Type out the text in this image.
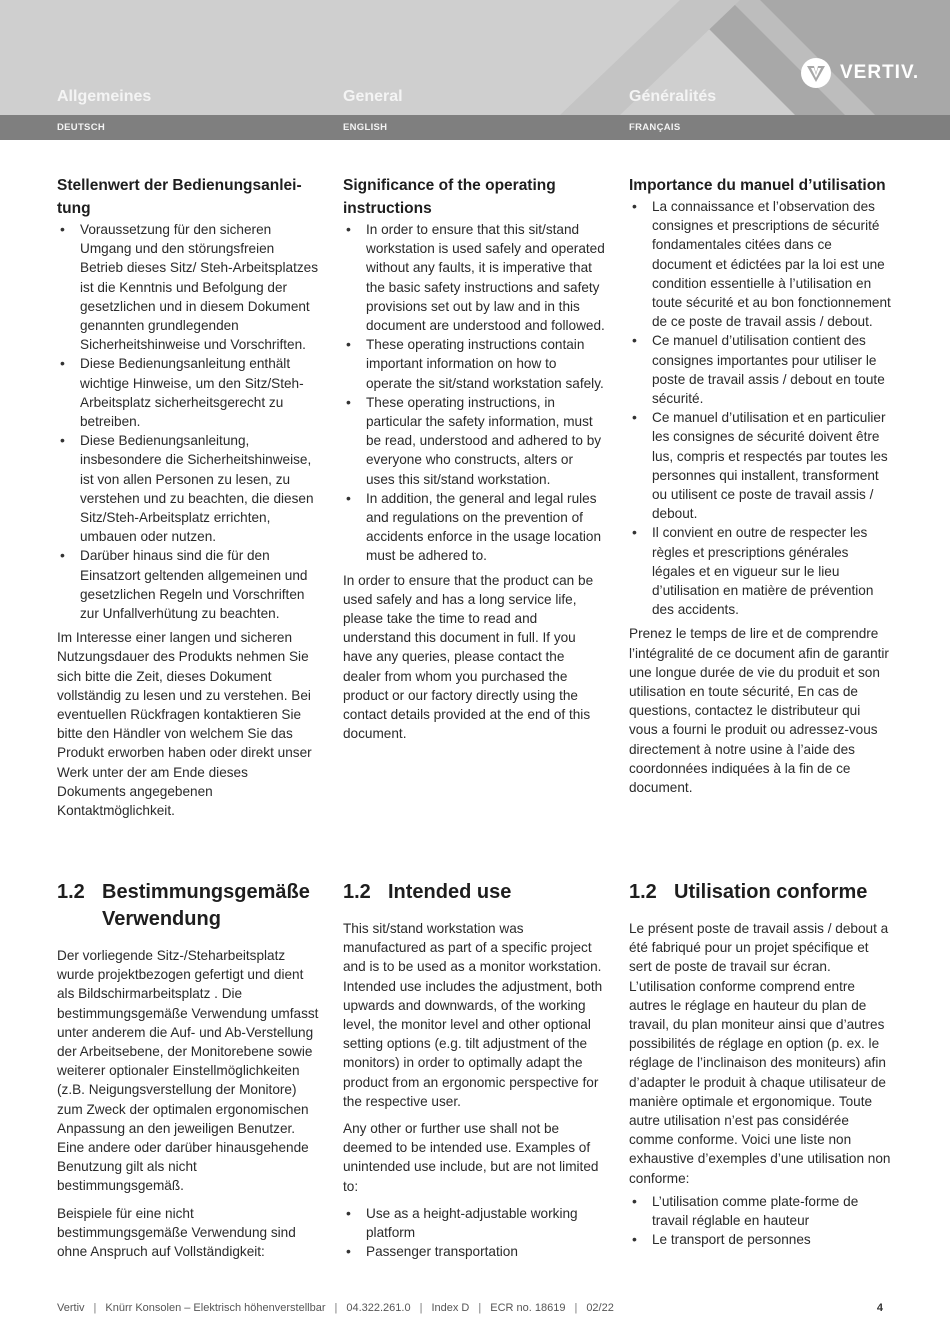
Allgemeines	General	Généralités
DEUTSCH	ENGLISH	FRANÇAIS
VERTIV.
Stellenwert der Bedienungsanlei-tung
• Voraussetzung für den sicheren Umgang und den störungsfreien Betrieb dieses Sitz/ Steh-Arbeitsplatzes ist die Kenntnis und Befolgung der gesetzlichen und in diesem Dokument genannten grundlegenden Sicherheitshinweise und Vorschriften.
• Diese Bedienungsanleitung enthält wichtige Hinweise, um den Sitz/Steh-Arbeitsplatz sicherheitsgerecht zu betreiben.
• Diese Bedienungsanleitung, insbesondere die Sicherheitshinweise, ist von allen Personen zu lesen, zu verstehen und zu beachten, die diesen Sitz/Steh-Arbeitsplatz errichten, umbauen oder nutzen.
• Darüber hinaus sind die für den Einsatzort geltenden allgemeinen und gesetzlichen Regeln und Vorschriften zur Unfallverhütung zu beachten.

Im Interesse einer langen und sicheren Nutzungsdauer des Produkts nehmen Sie sich bitte die Zeit, dieses Dokument vollständig zu lesen und zu verstehen. Bei eventuellen Rückfragen kontaktieren Sie bitte den Händler von welchem Sie das Produkt erworben haben oder direkt unser Werk unter der am Ende dieses Dokuments angegebenen Kontaktmöglichkeit.

Significance of the operating instructions
• In order to ensure that this sit/stand workstation is used safely and operated without any faults, it is imperative that the basic safety instructions and safety provisions set out by law and in this document are understood and followed.
• These operating instructions contain important information on how to operate the sit/stand workstation safely.
• These operating instructions, in particular the safety information, must be read, understood and adhered to by everyone who constructs, alters or uses this sit/stand workstation.
• In addition, the general and legal rules and regulations on the prevention of accidents enforce in the usage location must be adhered to.

In order to ensure that the product can be used safely and has a long service life, please take the time to read and understand this document in full. If you have any queries, please contact the dealer from whom you purchased the product or our factory directly using the contact details provided at the end of this document.

Importance du manuel d’utilisation
• La connaissance et l’observation des consignes et prescriptions de sécurité fondamentales citées dans ce document et édictées par la loi est une condition essentielle à l’utilisation en toute sécurité et au bon fonctionnement de ce poste de travail assis / debout.
• Ce manuel d’utilisation contient des consignes importantes pour utiliser le poste de travail assis / debout en toute sécurité.
• Ce manuel d’utilisation et en particulier les consignes de sécurité doivent être lus, compris et respectés par toutes les personnes qui installent, transforment ou utilisent ce poste de travail assis / debout.
• Il convient en outre de respecter les règles et prescriptions générales légales et en vigueur sur le lieu d’utilisation en matière de prévention des accidents.

Prenez le temps de lire et de comprendre l’intégralité de ce document afin de garantir une longue durée de vie du produit et son utilisation en toute sécurité, En cas de questions, contactez le distributeur qui vous a fourni le produit ou adressez-vous directement à notre usine à l’aide des coordonnées indiquées à la fin de ce document.

1.2 Bestimmungsgemäße Verwendung

Der vorliegende Sitz-/Steharbeitsplatz wurde projektbezogen gefertigt und dient als Bildschirmarbeitsplatz . Die bestimmungsgemäße Verwendung umfasst unter anderem die Auf- und Ab-Verstellung der Arbeitsebene, der Monitorebene sowie weiterer optionaler Einstellmöglichkeiten (z.B. Neigungsverstellung der Monitore) zum Zweck der optimalen ergonomischen Anpassung an den jeweiligen Benutzer. Eine andere oder darüber hinausgehende Benutzung gilt als nicht bestimmungsgemäß.

Beispiele für eine nicht bestimmungsgemäße Verwendung sind ohne Anspruch auf Vollständigkeit:

1.2 Intended use

This sit/stand workstation was manufactured as part of a specific project and is to be used as a monitor workstation. Intended use includes the adjustment, both upwards and downwards, of the working level, the monitor level and other optional setting options (e.g. tilt adjustment of the monitors) in order to optimally adapt the product from an ergonomic perspective for the respective user.

Any other or further use shall not be deemed to be intended use. Examples of unintended use include, but are not limited to:

• Use as a height-adjustable working platform
• Passenger transportation
1.2 Utilisation conforme

Le présent poste de travail assis / debout a été fabriqué pour un projet spécifique et sert de poste de travail sur écran. L’utilisation conforme comprend entre autres le réglage en hauteur du plan de travail, du plan moniteur ainsi que d’autres possibilités de réglage en option (p. ex. le réglage de l’inclinaison des moniteurs) afin d’adapter le produit à chaque utilisateur de manière optimale et ergonomique. Toute autre utilisation n’est pas considérée comme conforme. Voici une liste non exhaustive d’exemples d’une utilisation non conforme:

• L’utilisation comme plate-forme de travail réglable en hauteur
• Le transport de personnes
Vertiv | Knürr Konsolen – Elektrisch höhenverstellbar | 04.322.261.0 | Index D | ECR no. 18619 | 02/22	4
